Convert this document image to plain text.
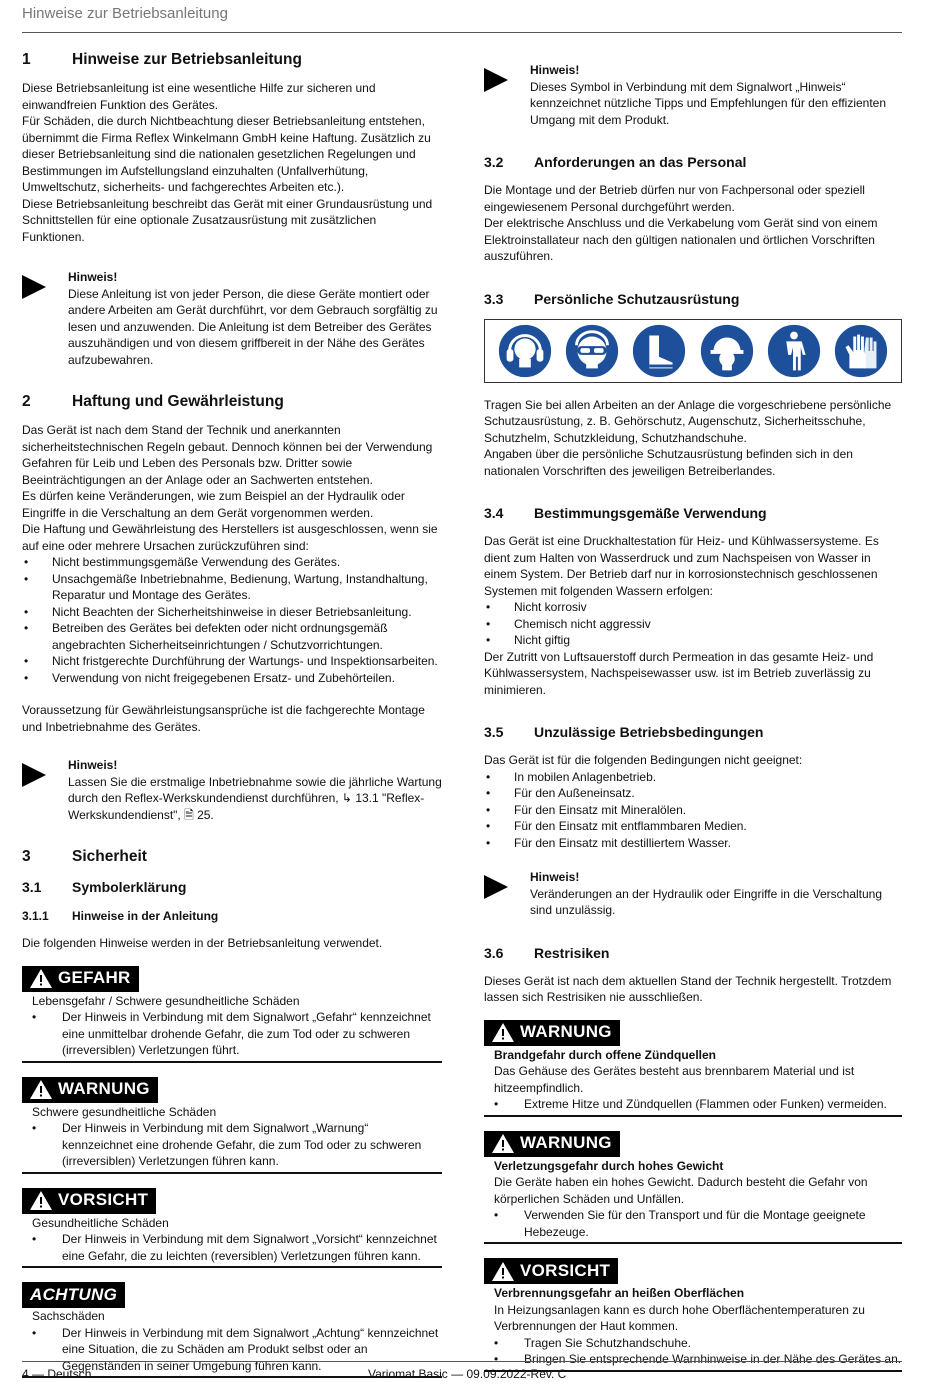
Hinweise zur Betriebsanleitung
1	Hinweise zur Betriebsanleitung

Diese Betriebsanleitung ist eine wesentliche Hilfe zur sicheren und einwandfreien Funktion des Gerätes.

Für Schäden, die durch Nichtbeachtung dieser Betriebsanleitung entstehen, übernimmt die Firma Reflex Winkelmann GmbH keine Haftung. Zusätzlich zu dieser Betriebsanleitung sind die nationalen gesetzlichen Regelungen und Bestimmungen im Aufstellungsland einzuhalten (Unfallverhütung, Umweltschutz, sicherheits- und fachgerechtes Arbeiten etc.).

Diese Betriebsanleitung beschreibt das Gerät mit einer Grundausrüstung und Schnittstellen für eine optionale Zusatzausrüstung mit zusätzlichen Funktionen.

Hinweis!
Diese Anleitung ist von jeder Person, die diese Geräte montiert oder andere Arbeiten am Gerät durchführt, vor dem Gebrauch sorgfältig zu lesen und anzuwenden. Die Anleitung ist dem Betreiber des Gerätes auszuhändigen und von diesem griffbereit in der Nähe des Gerätes aufzubewahren.
2	Haftung und Gewährleistung

Das Gerät ist nach dem Stand der Technik und anerkannten sicherheitstechnischen Regeln gebaut. Dennoch können bei der Verwendung Gefahren für Leib und Leben des Personals bzw. Dritter sowie Beeinträchtigungen an der Anlage oder an Sachwerten entstehen.

Es dürfen keine Veränderungen, wie zum Beispiel an der Hydraulik oder Eingriffe in die Verschaltung an dem Gerät vorgenommen werden.

Die Haftung und Gewährleistung des Herstellers ist ausgeschlossen, wenn sie auf eine oder mehrere Ursachen zurückzuführen sind:

• Nicht bestimmungsgemäße Verwendung des Gerätes.
• Unsachgemäße Inbetriebnahme, Bedienung, Wartung, Instandhaltung, Reparatur und Montage des Gerätes.
• Nicht Beachten der Sicherheitshinweise in dieser Betriebsanleitung.
• Betreiben des Gerätes bei defekten oder nicht ordnungsgemäß angebrachten Sicherheitseinrichtungen / Schutzvorrichtungen.
• Nicht fristgerechte Durchführung der Wartungs- und Inspektionsarbeiten.
• Verwendung von nicht freigegebenen Ersatz- und Zubehörteilen.

Voraussetzung für Gewährleistungsansprüche ist die fachgerechte Montage und Inbetriebnahme des Gerätes.

Hinweis!
Lassen Sie die erstmalige Inbetriebnahme sowie die jährliche Wartung durch den Reflex-Werkskundendienst durchführen, ↳ 13.1 "Reflex-Werkskundendienst", 🗎 25.
3	Sicherheit
3.1	Symbolerklärung
3.1.1	Hinweise in der Anleitung

Die folgenden Hinweise werden in der Betriebsanleitung verwendet.

GEFAHR
Lebensgefahr / Schwere gesundheitliche Schäden
• Der Hinweis in Verbindung mit dem Signalwort „Gefahr“ kennzeichnet eine unmittelbar drohende Gefahr, die zum Tod oder zu schweren (irreversiblen) Verletzungen führt.
WARNUNG
Schwere gesundheitliche Schäden
• Der Hinweis in Verbindung mit dem Signalwort „Warnung“ kennzeichnet eine drohende Gefahr, die zum Tod oder zu schweren (irreversiblen) Verletzungen führen kann.
VORSICHT
Gesundheitliche Schäden
• Der Hinweis in Verbindung mit dem Signalwort „Vorsicht“ kennzeichnet eine Gefahr, die zu leichten (reversiblen) Verletzungen führen kann.
ACHTUNG
Sachschäden
• Der Hinweis in Verbindung mit dem Signalwort „Achtung“ kennzeichnet eine Situation, die zu Schäden am Produkt selbst oder an Gegenständen in seiner Umgebung führen kann.
Hinweis!
Dieses Symbol in Verbindung mit dem Signalwort „Hinweis“ kennzeichnet nützliche Tipps und Empfehlungen für den effizienten Umgang mit dem Produkt.
3.2	Anforderungen an das Personal

Die Montage und der Betrieb dürfen nur von Fachpersonal oder speziell eingewiesenem Personal durchgeführt werden.

Der elektrische Anschluss und die Verkabelung vom Gerät sind von einem Elektroinstallateur nach den gültigen nationalen und örtlichen Vorschriften auszuführen.

3.3	Persönliche Schutzausrüstung

Tragen Sie bei allen Arbeiten an der Anlage die vorgeschriebene persönliche Schutzausrüstung, z. B. Gehörschutz, Augenschutz, Sicherheitsschuhe, Schutzhelm, Schutzkleidung, Schutzhandschuhe.

Angaben über die persönliche Schutzausrüstung befinden sich in den nationalen Vorschriften des jeweiligen Betreiberlandes.

3.4	Bestimmungsgemäße Verwendung

Das Gerät ist eine Druckhaltestation für Heiz- und Kühlwassersysteme. Es dient zum Halten von Wasserdruck und zum Nachspeisen von Wasser in einem System. Der Betrieb darf nur in korrosionstechnisch geschlossenen Systemen mit folgenden Wassern erfolgen:

• Nicht korrosiv
• Chemisch nicht aggressiv
• Nicht giftig

Der Zutritt von Luftsauerstoff durch Permeation in das gesamte Heiz- und Kühlwassersystem, Nachspeisewasser usw. ist im Betrieb zuverlässig zu minimieren.

3.5	Unzulässige Betriebsbedingungen

Das Gerät ist für die folgenden Bedingungen nicht geeignet:

• In mobilen Anlagenbetrieb.
• Für den Außeneinsatz.
• Für den Einsatz mit Mineralölen.
• Für den Einsatz mit entflammbaren Medien.
• Für den Einsatz mit destilliertem Wasser.
Hinweis!
Veränderungen an der Hydraulik oder Eingriffe in die Verschaltung sind unzulässig.
3.6	Restrisiken

Dieses Gerät ist nach dem aktuellen Stand der Technik hergestellt. Trotzdem lassen sich Restrisiken nie ausschließen.

WARNUNG
Brandgefahr durch offene Zündquellen
Das Gehäuse des Gerätes besteht aus brennbarem Material und ist hitzeempfindlich.
• Extreme Hitze und Zündquellen (Flammen oder Funken) vermeiden.
WARNUNG
Verletzungsgefahr durch hohes Gewicht
Die Geräte haben ein hohes Gewicht. Dadurch besteht die Gefahr von körperlichen Schäden und Unfällen.
• Verwenden Sie für den Transport und für die Montage geeignete Hebezeuge.
VORSICHT
Verbrennungsgefahr an heißen Oberflächen
In Heizungsanlagen kann es durch hohe Oberflächentemperaturen zu Verbrennungen der Haut kommen.
• Tragen Sie Schutzhandschuhe.
• Bringen Sie entsprechende Warnhinweise in der Nähe des Gerätes an.
4 — Deutsch	Variomat Basic — 09.09.2022-Rev. C
